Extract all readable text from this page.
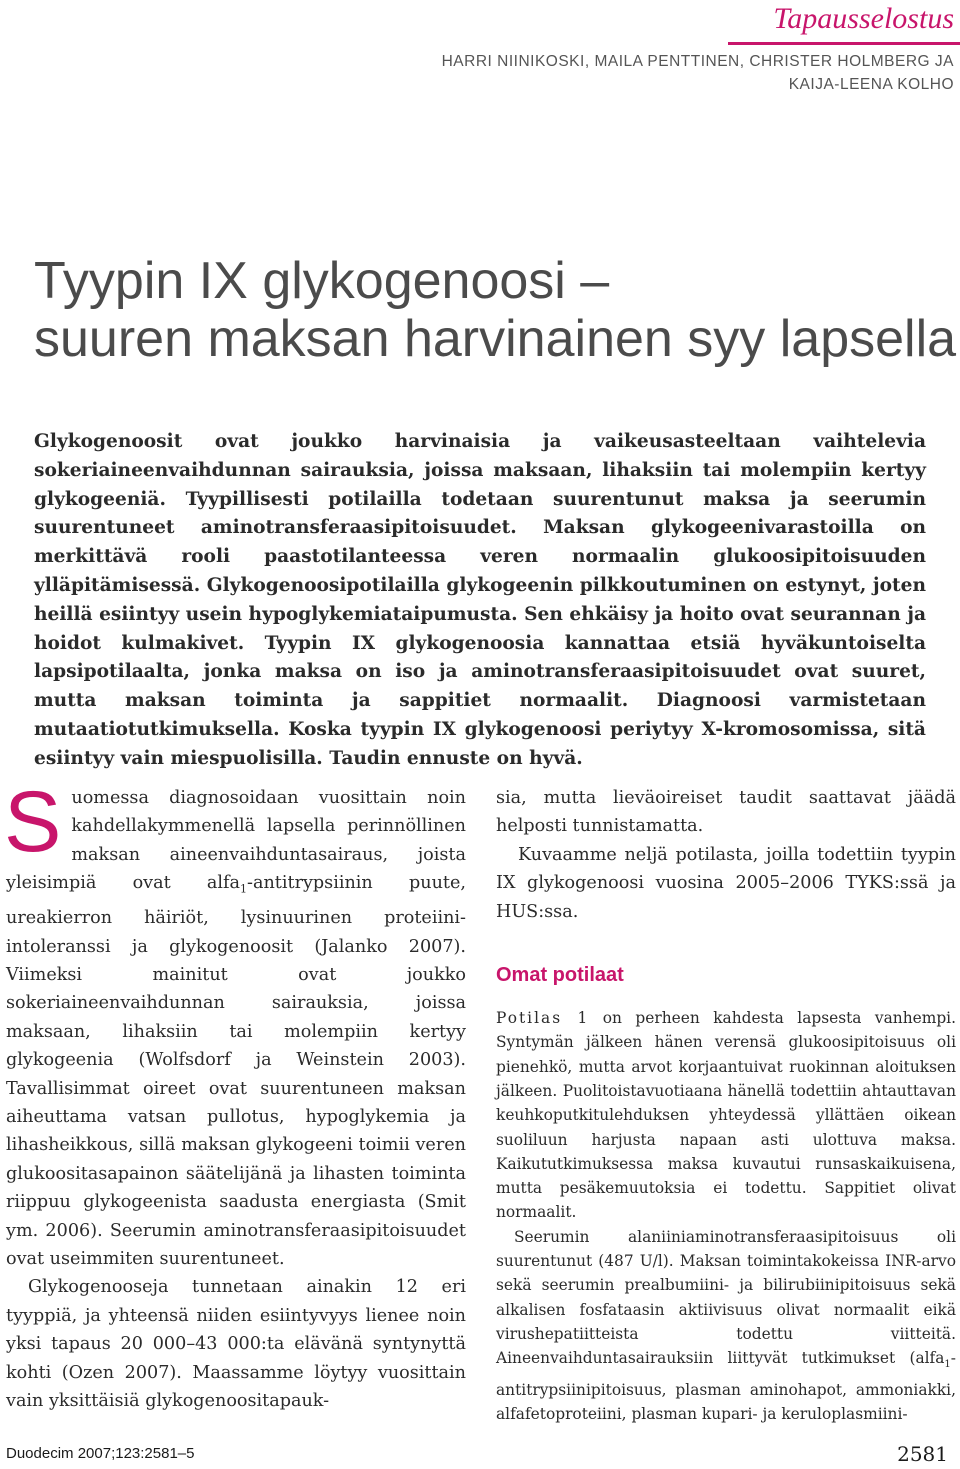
Tapausselostus
HARRI NIINIKOSKI, MAILA PENTTINEN, CHRISTER HOLMBERG JA
KAIJA-LEENA KOLHO
Tyypin IX glykogenoosi –
suuren maksan harvinainen syy lapsella

Glykogenoosit ovat joukko harvinaisia ja vaikeusasteeltaan vaihtelevia sokeriaineenvaihdunnan sairauksia, joissa maksaan, lihaksiin tai molempiin kertyy glykogeeniä. Tyypillisesti potilailla todetaan suurentunut maksa ja seerumin suurentuneet aminotransferaasipitoisuudet. Maksan glykogeenivarastoilla on merkittävä rooli paastotilanteessa veren normaalin glukoosipitoisuuden ylläpitämisessä. Glykogenoosipotilailla glykogeenin pilkkoutuminen on estynyt, joten heillä esiintyy usein hypoglykemiataipumusta. Sen ehkäisy ja hoito ovat seurannan ja hoidot kulmakivet. Tyypin IX glykogenoosia kannattaa etsiä hyväkuntoiselta lapsipotilaalta, jonka maksa on iso ja aminotransferaasipitoisuudet ovat suuret, mutta maksan toiminta ja sappitiet normaalit. Diagnoosi varmistetaan mutaatiotutkimuksella. Koska tyypin IX glykogenoosi periytyy X-kromosomissa, sitä esiintyy vain miespuolisilla. Taudin ennuste on hyvä.

Suomessa diagnosoidaan vuosittain noin kahdellakymmenellä lapsella perinnöllinen maksan aineenvaihduntasairaus, joista yleisimpiä ovat alfa$_1$-antitrypsiinin puute, ureakierron häiriöt, lysinuurinen proteiini-intoleranssi ja glykogenoosit (Jalanko 2007). Viimeksi mainitut ovat joukko sokeriaineenvaihdunnan sairauksia, joissa maksaan, lihaksiin tai molempiin kertyy glykogeenia (Wolfsdorf ja Weinstein 2003). Tavallisimmat oireet ovat suurentuneen maksan aiheuttama vatsan pullotus, hypoglykemia ja lihasheikkous, sillä maksan glykogeeni toimii veren glukoositasapainon säätelijänä ja lihasten toiminta riippuu glykogeenista saadusta energiasta (Smit ym. 2006). Seerumin aminotransferaasipitoisuudet ovat useimmiten suurentuneet.

Glykogenooseja tunnetaan ainakin 12 eri tyyppiä, ja yhteensä niiden esiintyvyys lienee noin yksi tapaus 20 000–43 000:ta elävänä syntynyttä kohti (Ozen 2007). Maassamme löytyy vuosittain vain yksittäisiä glykogenoositapauk-

sia, mutta lieväoireiset taudit saattavat jäädä helposti tunnistamatta.

Kuvaamme neljä potilasta, joilla todettiin tyypin IX glykogenoosi vuosina 2005–2006 TYKS:ssä ja HUS:ssa.

Omat potilaat

Potilas 1 on perheen kahdesta lapsesta vanhempi. Syntymän jälkeen hänen verensä glukoosipitoisuus oli pienehkö, mutta arvot korjaantuivat ruokinnan aloituksen jälkeen. Puolitoistavuotiaana hänellä todettiin ahtauttavan keuhkoputkitulehduksen yhteydessä yllättäen oikean suoliluun harjusta napaan asti ulottuva maksa. Kaikututkimuksessa maksa kuvautui runsaskaikuisena, mutta pesäkemuutoksia ei todettu. Sappitiet olivat normaalit.

Seerumin alaniiniaminotransferaasipitoisuus oli suurentunut (487 U/l). Maksan toimintakokeissa INR-arvo sekä seerumin prealbumiini- ja bilirubiinipitoisuus sekä alkalisen fosfataasin aktiivisuus olivat normaalit eikä virushepatiitteista todettu viitteitä. Aineenvaihduntasairauksiin liittyvät tutkimukset (alfa$_1$-antitrypsiinipitoisuus, plasman aminohapot, ammoniakki, alfafetoproteiini, plasman kupari- ja keruloplasmiini-

Duodecim 2007;123:2581–5	2581
